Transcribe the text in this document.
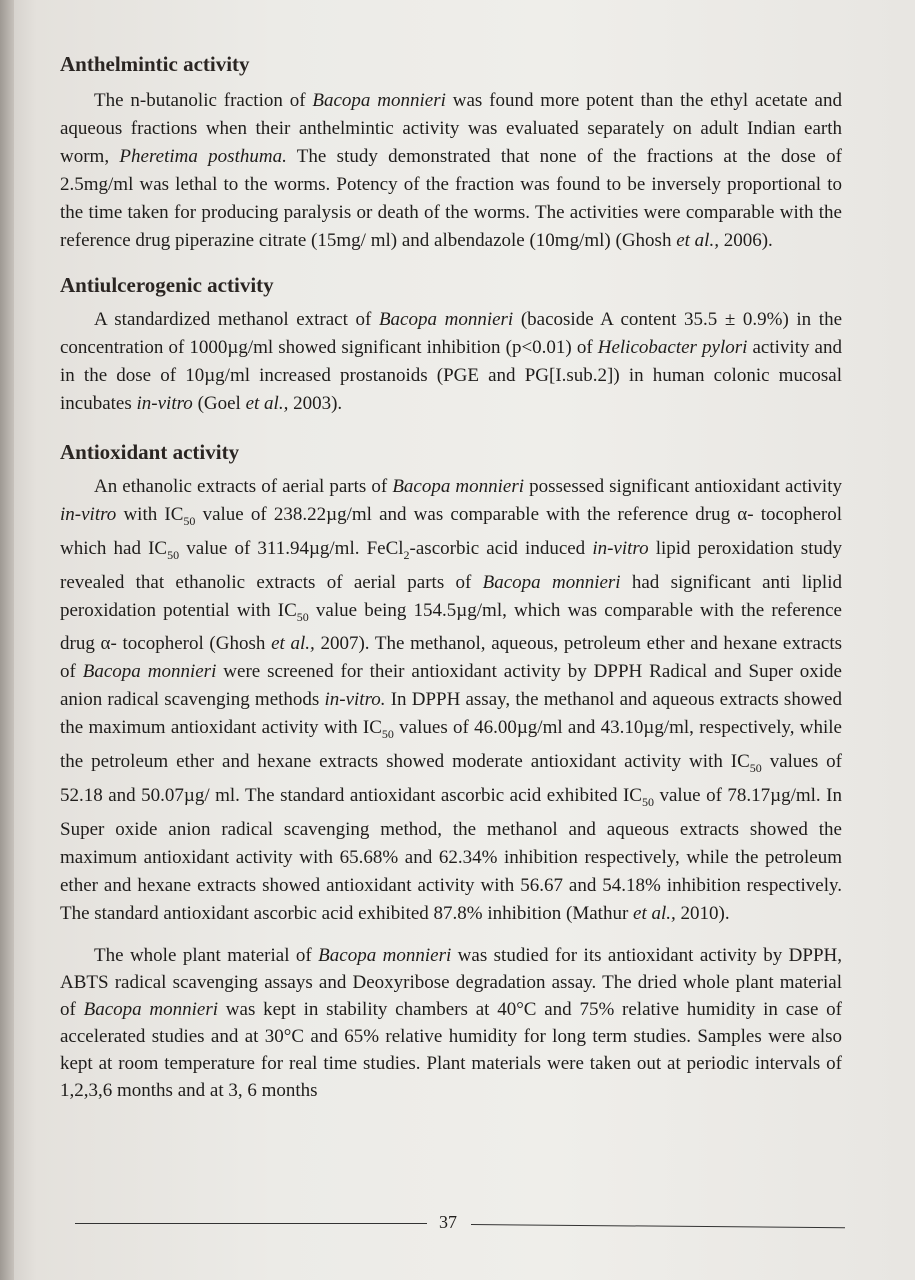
Anthelmintic activity

The n-butanolic fraction of Bacopa monnieri was found more potent than the ethyl acetate and aqueous fractions when their anthelmintic activity was evaluated separately on adult Indian earth worm, Pheretima posthuma. The study demonstrated that none of the fractions at the dose of 2.5mg/ml was lethal to the worms. Potency of the fraction was found to be inversely proportional to the time taken for producing paralysis or death of the worms. The activities were comparable with the reference drug piperazine citrate (15mg/ ml) and albendazole (10mg/ml) (Ghosh et al., 2006).

Antiulcerogenic activity

A standardized methanol extract of Bacopa monnieri (bacoside A content 35.5 ± 0.9%) in the concentration of 1000µg/ml showed significant inhibition (p<0.01) of Helicobacter pylori activity and in the dose of 10µg/ml increased prostanoids (PGE and PG[I.sub.2]) in human colonic mucosal incubates in-vitro (Goel et al., 2003).

Antioxidant activity

An ethanolic extracts of aerial parts of Bacopa monnieri possessed significant antioxidant activity in-vitro with $IC_{50}$ value of 238.22µg/ml and was comparable with the reference drug α- tocopherol which had $IC_{50}$ value of 311.94µg/ml. FeCl$_2$-ascorbic acid induced in-vitro lipid peroxidation study revealed that ethanolic extracts of aerial parts of Bacopa monnieri had significant anti liplid peroxidation potential with $IC_{50}$ value being 154.5µg/ml, which was comparable with the reference drug α- tocopherol (Ghosh et al., 2007). The methanol, aqueous, petroleum ether and hexane extracts of Bacopa monnieri were screened for their antioxidant activity by DPPH Radical and Super oxide anion radical scavenging methods in-vitro. In DPPH assay, the methanol and aqueous extracts showed the maximum antioxidant activity with $IC_{50}$ values of 46.00µg/ml and 43.10µg/ml, respectively, while the petroleum ether and hexane extracts showed moderate antioxidant activity with $IC_{50}$ values of 52.18 and 50.07µg/ ml. The standard antioxidant ascorbic acid exhibited $IC_{50}$ value of 78.17µg/ml. In Super oxide anion radical scavenging method, the methanol and aqueous extracts showed the maximum antioxidant activity with 65.68% and 62.34% inhibition respectively, while the petroleum ether and hexane extracts showed antioxidant activity with 56.67 and 54.18% inhibition respectively. The standard antioxidant ascorbic acid exhibited 87.8% inhibition (Mathur et al., 2010).

The whole plant material of Bacopa monnieri was studied for its antioxidant activity by DPPH, ABTS radical scavenging assays and Deoxyribose degradation assay. The dried whole plant material of Bacopa monnieri was kept in stability chambers at 40°C and 75% relative humidity in case of accelerated studies and at 30°C and 65% relative humidity for long term studies. Samples were also kept at room temperature for real time studies. Plant materials were taken out at periodic intervals of 1,2,3,6 months and at 3, 6 months

37
